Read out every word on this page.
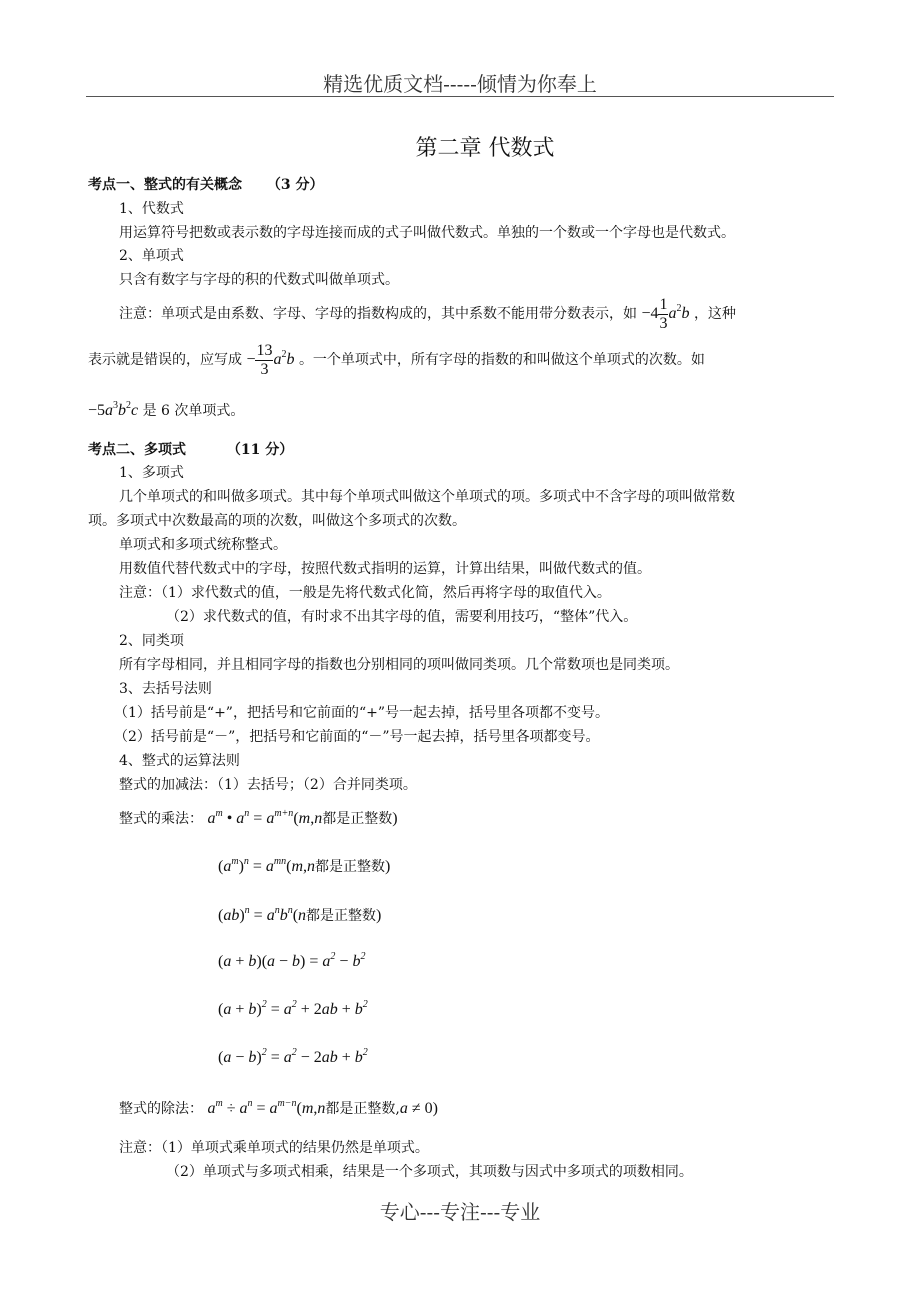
精选优质文档-----倾情为你奉上
第二章 代数式
考点一、整式的有关概念 （3 分）
1、代数式
用运算符号把数或表示数的字母连接而成的式子叫做代数式。单独的一个数或一个字母也是代数式。
2、单项式
只含有数字与字母的积的代数式叫做单项式。
注意：单项式是由系数、字母、字母的指数构成的，其中系数不能用带分数表示，如 $-4 \frac{1}{3} a^2b$ ，这种
表示就是错误的，应写成 − $\frac{13}{3} a^2b$ 。一个单项式中，所有字母的指数的和叫做这个单项式的次数。如
$-5a^3b^2c$ 是 6 次单项式。
考点二、多项式	（11 分）
1、多项式
几个单项式的和叫做多项式。其中每个单项式叫做这个单项式的项。多项式中不含字母的项叫做常数
项。多项式中次数最高的项的次数，叫做这个多项式的次数。
单项式和多项式统称整式。
用数值代替代数式中的字母，按照代数式指明的运算，计算出结果，叫做代数式的值。
注意：（1）求代数式的值，一般是先将代数式化简，然后再将字母的取值代入。
（2）求代数式的值，有时求不出其字母的值，需要利用技巧，“整体”代入。
2、同类项
所有字母相同，并且相同字母的指数也分别相同的项叫做同类项。几个常数项也是同类项。
3、去括号法则
（1）括号前是“+”，把括号和它前面的“+”号一起去掉，括号里各项都不变号。
（2）括号前是“－”，把括号和它前面的“－”号一起去掉，括号里各项都变号。
4、整式的运算法则
整式的加减法：（1）去括号；（2）合并同类项。
整式的乘法： $a^m$ • $a^n = a^{m+n}(m,n$都是正整数)
$(a^m)^n = a^{mn}(m,n$都是正整数)
$(ab)^n = a^nb^n(n$都是正整数)
$(a + b)(a - b) = a^2 - b^2$
$(a + b)^2 = a^2 + 2ab + b^2$
$(a - b)^2 = a^2 - 2ab + b^2$
整式的除法： $a^m \div a^n = a^{m-n}(m,n$都是正整数,a ≠ 0)
注意：（1）单项式乘单项式的结果仍然是单项式。
（2）单项式与多项式相乘，结果是一个多项式，其项数与因式中多项式的项数相同。
专心---专注---专业
